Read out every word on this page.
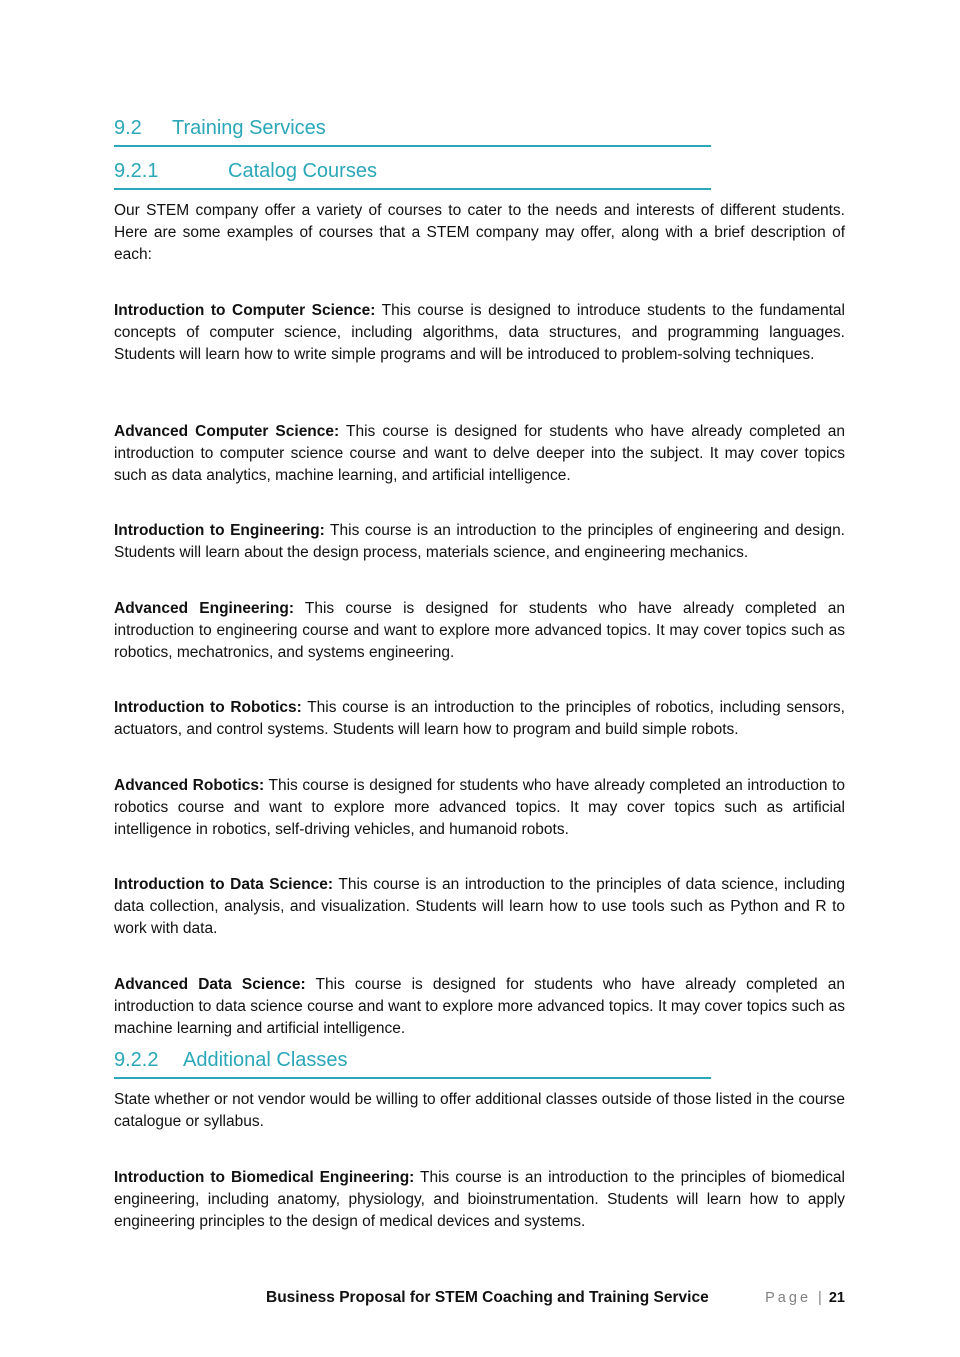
9.2 Training Services
9.2.1	Catalog Courses

Our STEM company offer a variety of courses to cater to the needs and interests of different students. Here are some examples of courses that a STEM company may offer, along with a brief description of each:

Introduction to Computer Science: This course is designed to introduce students to the fundamental concepts of computer science, including algorithms, data structures, and programming languages. Students will learn how to write simple programs and will be introduced to problem-solving techniques.

Advanced Computer Science: This course is designed for students who have already completed an introduction to computer science course and want to delve deeper into the subject. It may cover topics such as data analytics, machine learning, and artificial intelligence.

Introduction to Engineering: This course is an introduction to the principles of engineering and design. Students will learn about the design process, materials science, and engineering mechanics.

Advanced Engineering: This course is designed for students who have already completed an introduction to engineering course and want to explore more advanced topics. It may cover topics such as robotics, mechatronics, and systems engineering.

Introduction to Robotics: This course is an introduction to the principles of robotics, including sensors, actuators, and control systems. Students will learn how to program and build simple robots.

Advanced Robotics: This course is designed for students who have already completed an introduction to robotics course and want to explore more advanced topics. It may cover topics such as artificial intelligence in robotics, self-driving vehicles, and humanoid robots.

Introduction to Data Science: This course is an introduction to the principles of data science, including data collection, analysis, and visualization. Students will learn how to use tools such as Python and R to work with data.

Advanced Data Science: This course is designed for students who have already completed an introduction to data science course and want to explore more advanced topics. It may cover topics such as machine learning and artificial intelligence.

9.2.2 Additional Classes

State whether or not vendor would be willing to offer additional classes outside of those listed in the course catalogue or syllabus.

Introduction to Biomedical Engineering: This course is an introduction to the principles of biomedical engineering, including anatomy, physiology, and bioinstrumentation. Students will learn how to apply engineering principles to the design of medical devices and systems.

Business Proposal for STEM Coaching and Training Service	Page | 21
